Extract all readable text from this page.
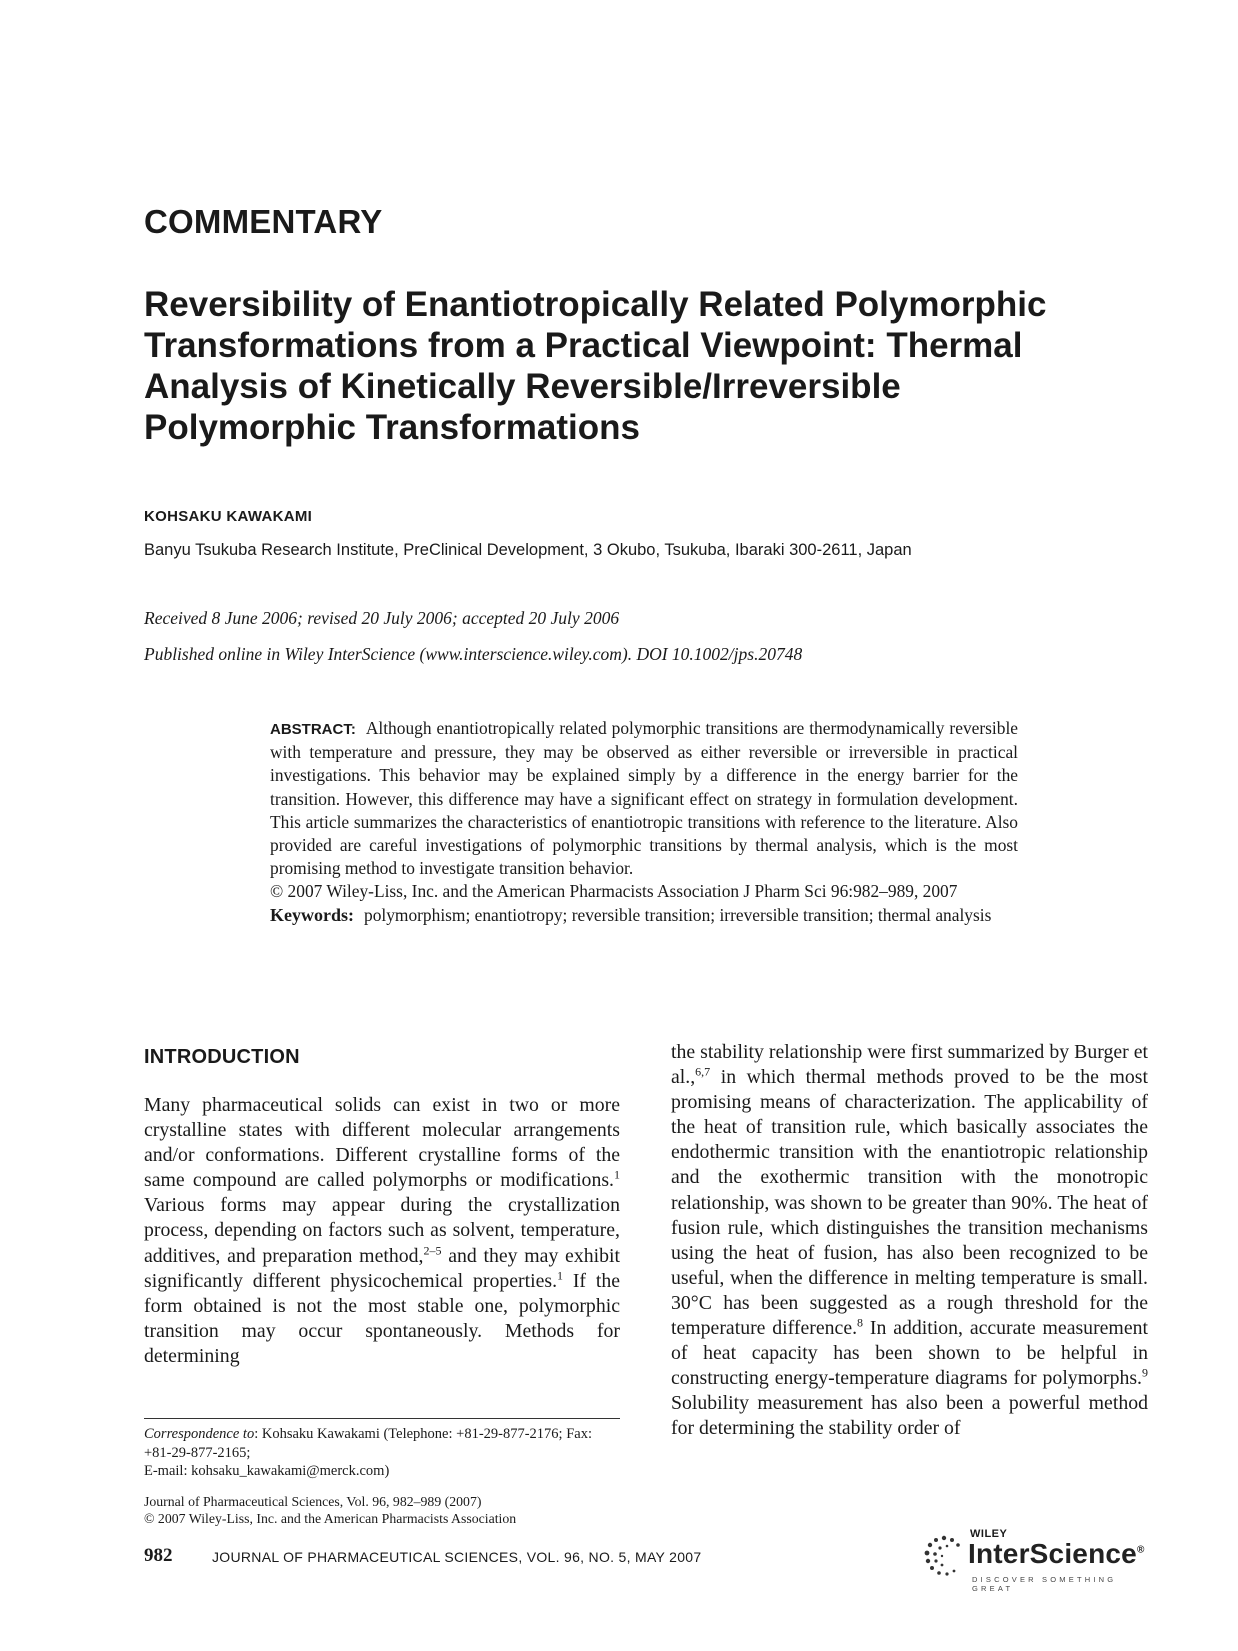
COMMENTARY
Reversibility of Enantiotropically Related Polymorphic Transformations from a Practical Viewpoint: Thermal Analysis of Kinetically Reversible/Irreversible Polymorphic Transformations
KOHSAKU KAWAKAMI
Banyu Tsukuba Research Institute, PreClinical Development, 3 Okubo, Tsukuba, Ibaraki 300-2611, Japan
Received 8 June 2006; revised 20 July 2006; accepted 20 July 2006
Published online in Wiley InterScience (www.interscience.wiley.com). DOI 10.1002/jps.20748

ABSTRACT: Although enantiotropically related polymorphic transitions are thermodynamically reversible with temperature and pressure, they may be observed as either reversible or irreversible in practical investigations. This behavior may be explained simply by a difference in the energy barrier for the transition. However, this difference may have a significant effect on strategy in formulation development. This article summarizes the characteristics of enantiotropic transitions with reference to the literature. Also provided are careful investigations of polymorphic transitions by thermal analysis, which is the most promising method to investigate transition behavior.

© 2007 Wiley-Liss, Inc. and the American Pharmacists Association J Pharm Sci 96:982–989, 2007

Keywords: polymorphism; enantiotropy; reversible transition; irreversible transition; thermal analysis

INTRODUCTION

Many pharmaceutical solids can exist in two or more crystalline states with different molecular arrangements and/or conformations. Different crystalline forms of the same compound are called polymorphs or modifications.$^1$ Various forms may appear during the crystallization process, depending on factors such as solvent, temperature, additives, and preparation method,$^{2-5}$ and they may exhibit significantly different physicochemical properties.$^1$ If the form obtained is not the most stable one, polymorphic transition may occur spontaneously. Methods for determining

the stability relationship were first summarized by Burger et al.,$^{6,7}$ in which thermal methods proved to be the most promising means of characterization. The applicability of the heat of transition rule, which basically associates the endothermic transition with the enantiotropic relationship and the exothermic transition with the monotropic relationship, was shown to be greater than 90%. The heat of fusion rule, which distinguishes the transition mechanisms using the heat of fusion, has also been recognized to be useful, when the difference in melting temperature is small. 30°C has been suggested as a rough threshold for the temperature difference.$^8$ In addition, accurate measurement of heat capacity has been shown to be helpful in constructing energy-temperature diagrams for polymorphs.$^9$ Solubility measurement has also been a powerful method for determining the stability order of

Correspondence to: Kohsaku Kawakami (Telephone: +81-29-877-2176; Fax: +81-29-877-2165;

E-mail: kohsaku_kawakami@merck.com)

Journal of Pharmaceutical Sciences, Vol. 96, 982–989 (2007)

© 2007 Wiley-Liss, Inc. and the American Pharmacists Association

982	JOURNAL OF PHARMACEUTICAL SCIENCES, VOL. 96, NO. 5, MAY 2007
WILEY
InterScience®
DISCOVER SOMETHING GREAT
